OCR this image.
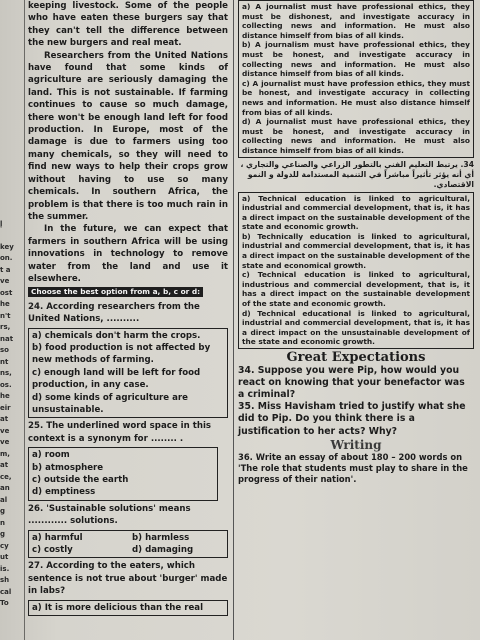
إ
key
on.
t a
ve
ost
he
n't
rs,
nat
so
nt
ns,
os.
he
eir
at
ve
ve
m,
at
ce,
an
al
g
n
g
cy
ut
is.
sh
cal
To

keeping livestock. Some of the people who have eaten these burgers say that they can't tell the difference between the new burgers and real meat.

Researchers from the United Nations have found that some kinds of agriculture are seriously damaging the land. This is not sustainable. If farming continues to cause so much damage, there won't be enough land left for food production. In Europe, most of the damage is due to farmers using too many chemicals, so they will need to find new ways to help their crops grow without having to use so many chemicals. In southern Africa, the problem is that there is too much rain in the summer.

In the future, we can expect that farmers in southern Africa will be using innovations in technology to remove water from the land and use it elsewhere.

Choose the best option from a, b, c or d:

24. According researchers from the United Nations, ..........

a) chemicals don't harm the crops.

b) food production is not affected by new methods of farming.

c) enough land will be left for food production, in any case.

d) some kinds of agriculture are unsustainable.

25. The underlined word space in this context is a synonym for ........ .

a) room

b) atmosphere

c) outside the earth

d) emptiness

26. 'Sustainable solutions' means ............ solutions.

a) harmful	b) harmless

c) costly	d) damaging

27. According to the eaters, which sentence is not true about 'burger' made in labs?

a) It is more delicious than the real

a) A journalist must have professional ethics, they must be dishonest, and investigate accuracy in collecting news and information. He must also distance himself from bias of all kinds.

b) A journalism must have professional ethics, they must be honest, and investigate accuracy in collecting news and information. He must also distance himself from bias of all kinds.

c) A journalist must have profession ethics, they must be honest, and investigate accuracy in collecting news and information. He must also distance himself from bias of all kinds.

d) A journalist must have professional ethics, they must be honest, and investigate accuracy in collecting news and information. He must also distance himself from bias of all kinds.

34. يرتبط التعليم الفني بالتطور الزراعي والصناعي والتجاري ، أي أنه يؤثر تأثيراً مباشراً في التنمية المستدامة للدولة و النمو الاقتصادي.

a) Technical education is linked to agricultural, industrial and commercial development, that is, it has a direct impact on the sustainable development of the state and economic growth.

b) Technically education is linked to agricultural, industrial and commercial development, that is, it has a direct impact on the sustainable development of the state and economical growth.

c) Technical education is linked to agricultural, industrious and commercial development, that is, it has a direct impact on the sustainable development of the state and economic growth.

d) Technical educational is linked to agricultural, industrial and commercial development, that is, it has a direct impact on the unsustainable development of the state and economic growth.

Great Expectations

34. Suppose you were Pip, how would you react on knowing that your benefactor was a criminal?

35. Miss Havisham tried to justify what she did to Pip. Do you think there is a justification to her acts? Why?

Writing

36. Write an essay of about 180 – 200 words on 'The role that students must play to share in the progress of their nation'.
